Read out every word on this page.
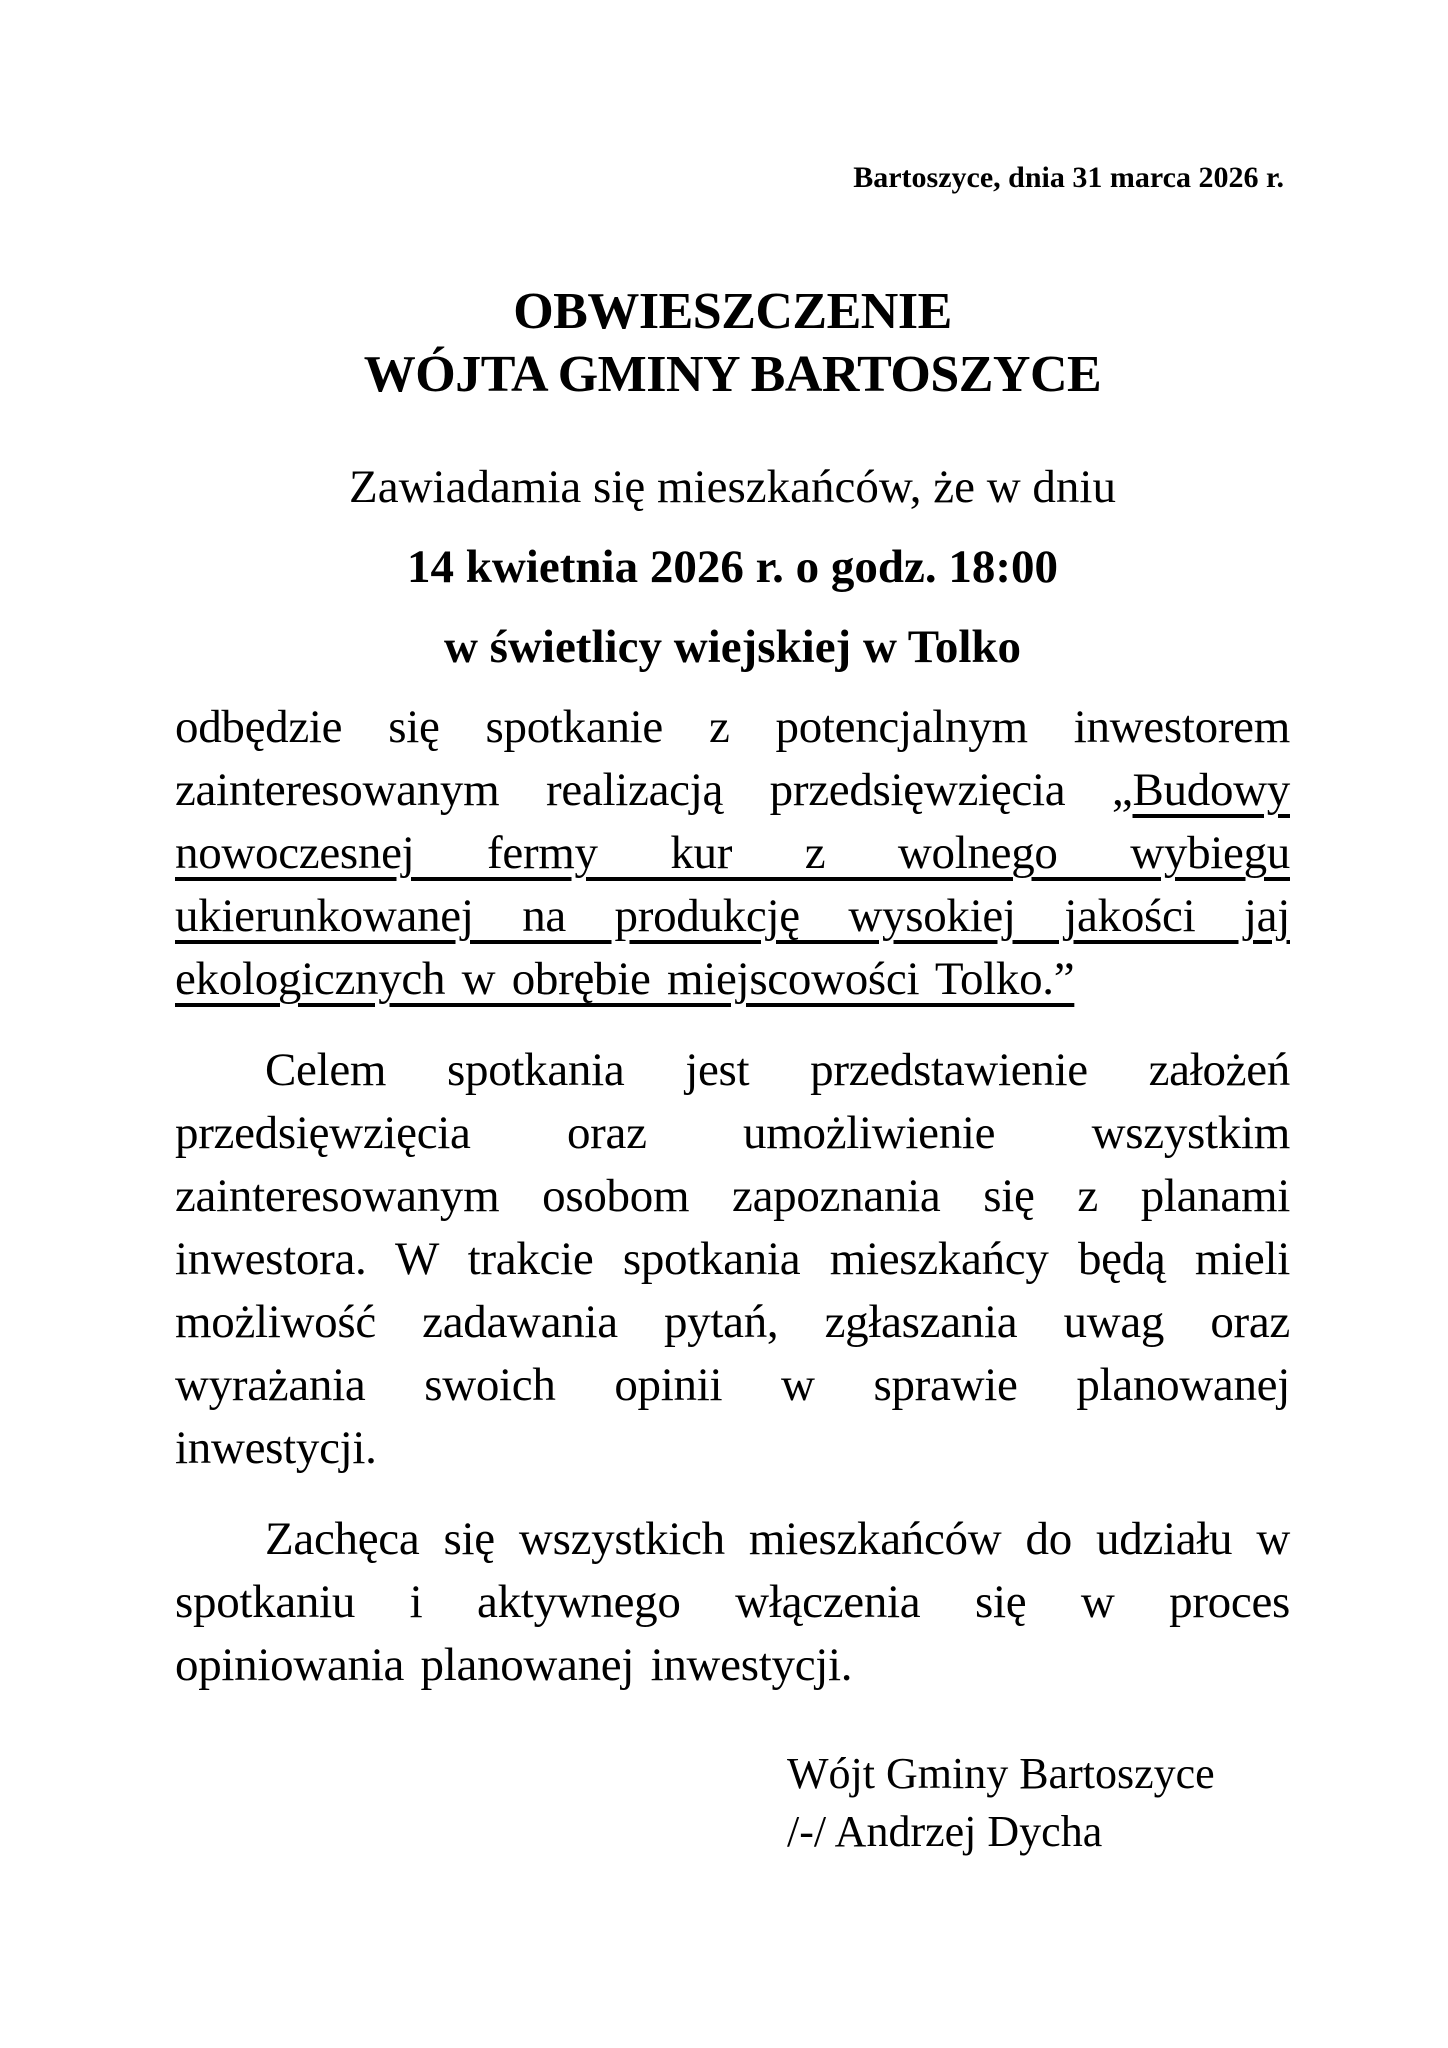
Bartoszyce, dnia 31 marca 2026 r.
OBWIESZCZENIE
WÓJTA GMINY BARTOSZYCE

Zawiadamia się mieszkańców, że w dniu

14 kwietnia 2026 r. o godz. 18:00

w świetlicy wiejskiej w Tolko

odbędzie się spotkanie z potencjalnym inwestorem zainteresowanym realizacją przedsięwzięcia „Budowy nowoczesnej fermy kur z wolnego wybiegu ukierunkowanej na produkcję wysokiej jakości jaj ekologicznych w obrębie miejscowości Tolko.”

Celem spotkania jest przedstawienie założeń przedsięwzięcia oraz umożliwienie wszystkim zainteresowanym osobom zapoznania się z planami inwestora. W trakcie spotkania mieszkańcy będą mieli możliwość zadawania pytań, zgłaszania uwag oraz wyrażania swoich opinii w sprawie planowanej inwestycji.

Zachęca się wszystkich mieszkańców do udziału w spotkaniu i aktywnego włączenia się w proces opiniowania planowanej inwestycji.

Wójt Gminy Bartoszyce
/-/ Andrzej Dycha
